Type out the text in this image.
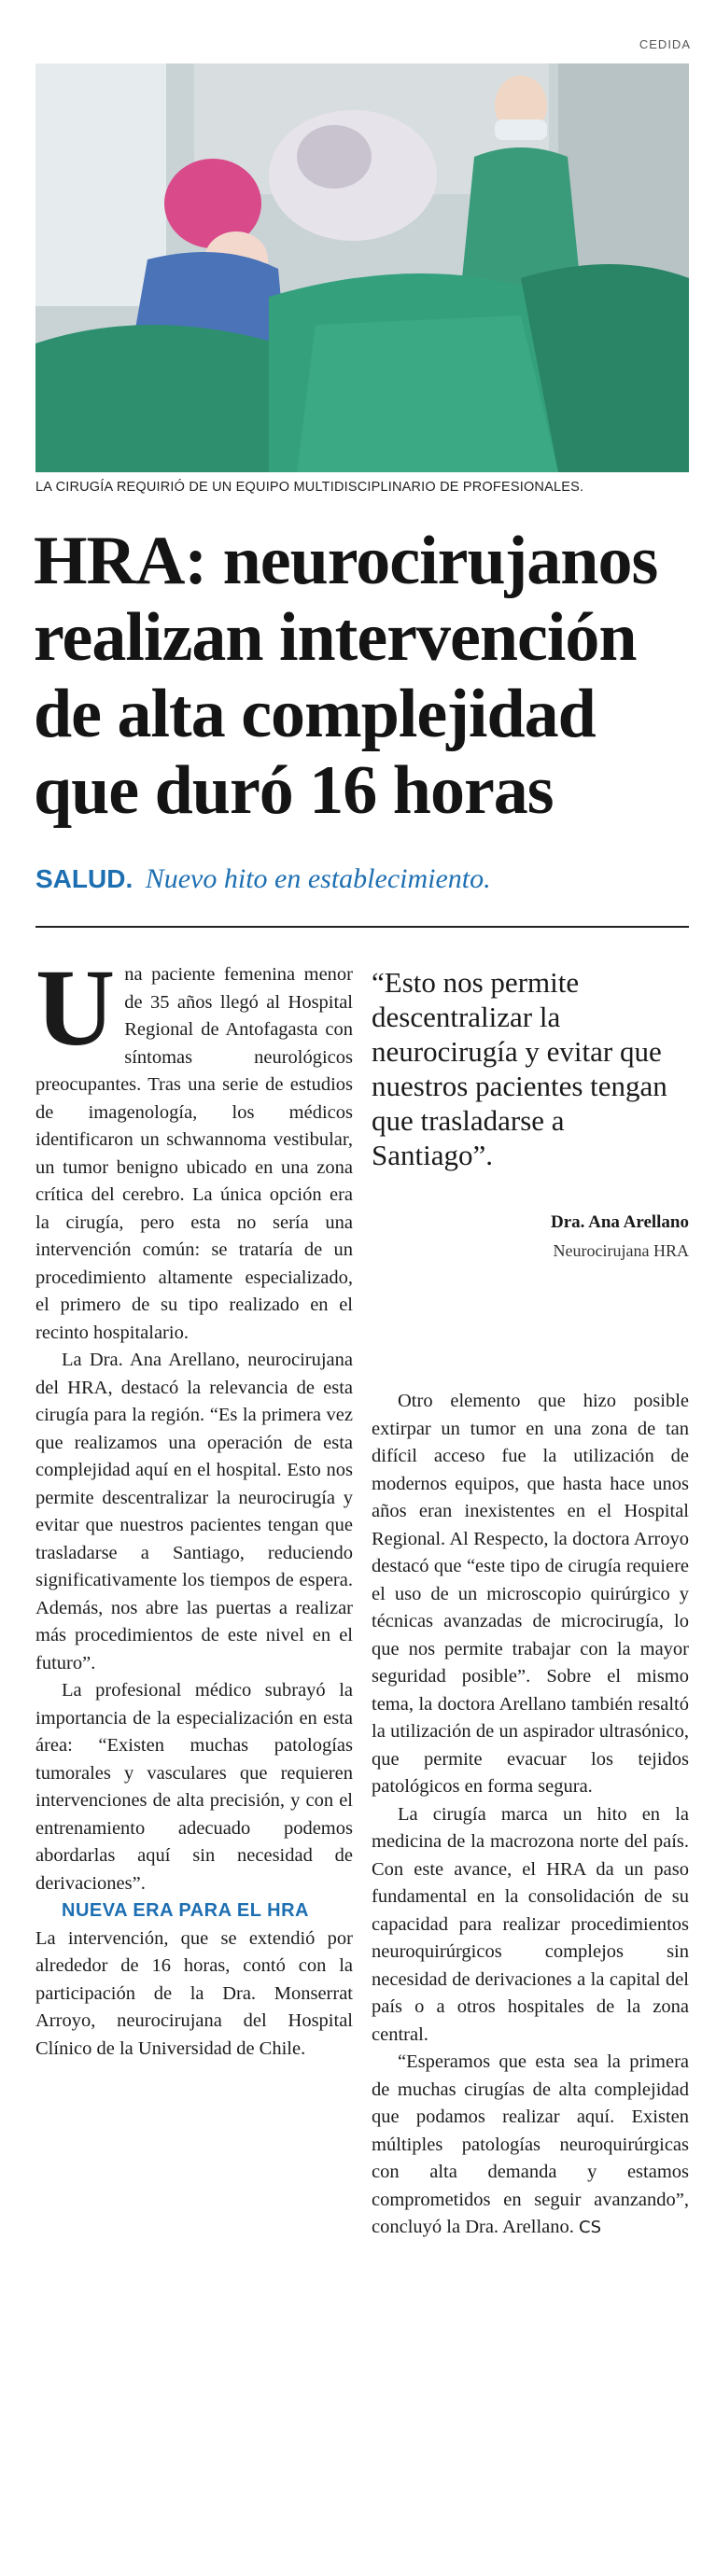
CEDIDA
LA CIRUGÍA REQUIRIÓ DE UN EQUIPO MULTIDISCIPLINARIO DE PROFESIONALES.
HRA: neurocirujanos realizan intervención de alta complejidad que duró 16 horas
SALUD. Nuevo hito en establecimiento.

Una paciente femenina menor de 35 años llegó al Hospital Regional de Antofagasta con síntomas neurológicos preocupantes. Tras una serie de estudios de imagenología, los médicos identificaron un schwannoma vestibular, un tumor benigno ubicado en una zona crítica del cerebro. La única opción era la cirugía, pero esta no sería una intervención común: se trataría de un procedimiento altamente especializado, el primero de su tipo realizado en el recinto hospitalario.

La Dra. Ana Arellano, neurocirujana del HRA, destacó la relevancia de esta cirugía para la región. “Es la primera vez que realizamos una operación de esta complejidad aquí en el hospital. Esto nos permite descentralizar la neurocirugía y evitar que nuestros pacientes tengan que trasladarse a Santiago, reduciendo significativamente los tiempos de espera. Además, nos abre las puertas a realizar más procedimientos de este nivel en el futuro”.

La profesional médico subrayó la importancia de la especialización en esta área: “Existen muchas patologías tumorales y vasculares que requieren intervenciones de alta precisión, y con el entrenamiento adecuado podemos abordarlas aquí sin necesidad de derivaciones”.

NUEVA ERA PARA EL HRA

La intervención, que se extendió por alrededor de 16 horas, contó con la participación de la Dra. Monserrat Arroyo, neurocirujana del Hospital Clínico de la Universidad de Chile.

“Esto nos permite descentralizar la neurocirugía y evitar que nuestros pacientes tengan que trasladarse a Santiago”.
Dra. Ana Arellano
Neurocirujana HRA

Otro elemento que hizo posible extirpar un tumor en una zona de tan difícil acceso fue la utilización de modernos equipos, que hasta hace unos años eran inexistentes en el Hospital Regional. Al Respecto, la doctora Arroyo destacó que “este tipo de cirugía requiere el uso de un microscopio quirúrgico y técnicas avanzadas de microcirugía, lo que nos permite trabajar con la mayor seguridad posible”. Sobre el mismo tema, la doctora Arellano también resaltó la utilización de un aspirador ultrasónico, que permite evacuar los tejidos patológicos en forma segura.

La cirugía marca un hito en la medicina de la macrozona norte del país. Con este avance, el HRA da un paso fundamental en la consolidación de su capacidad para realizar procedimientos neuroquirúrgicos complejos sin necesidad de derivaciones a la capital del país o a otros hospitales de la zona central.

“Esperamos que esta sea la primera de muchas cirugías de alta complejidad que podamos realizar aquí. Existen múltiples patologías neuroquirúrgicas con alta demanda y estamos comprometidos en seguir avanzando”, concluyó la Dra. Arellano. CS
